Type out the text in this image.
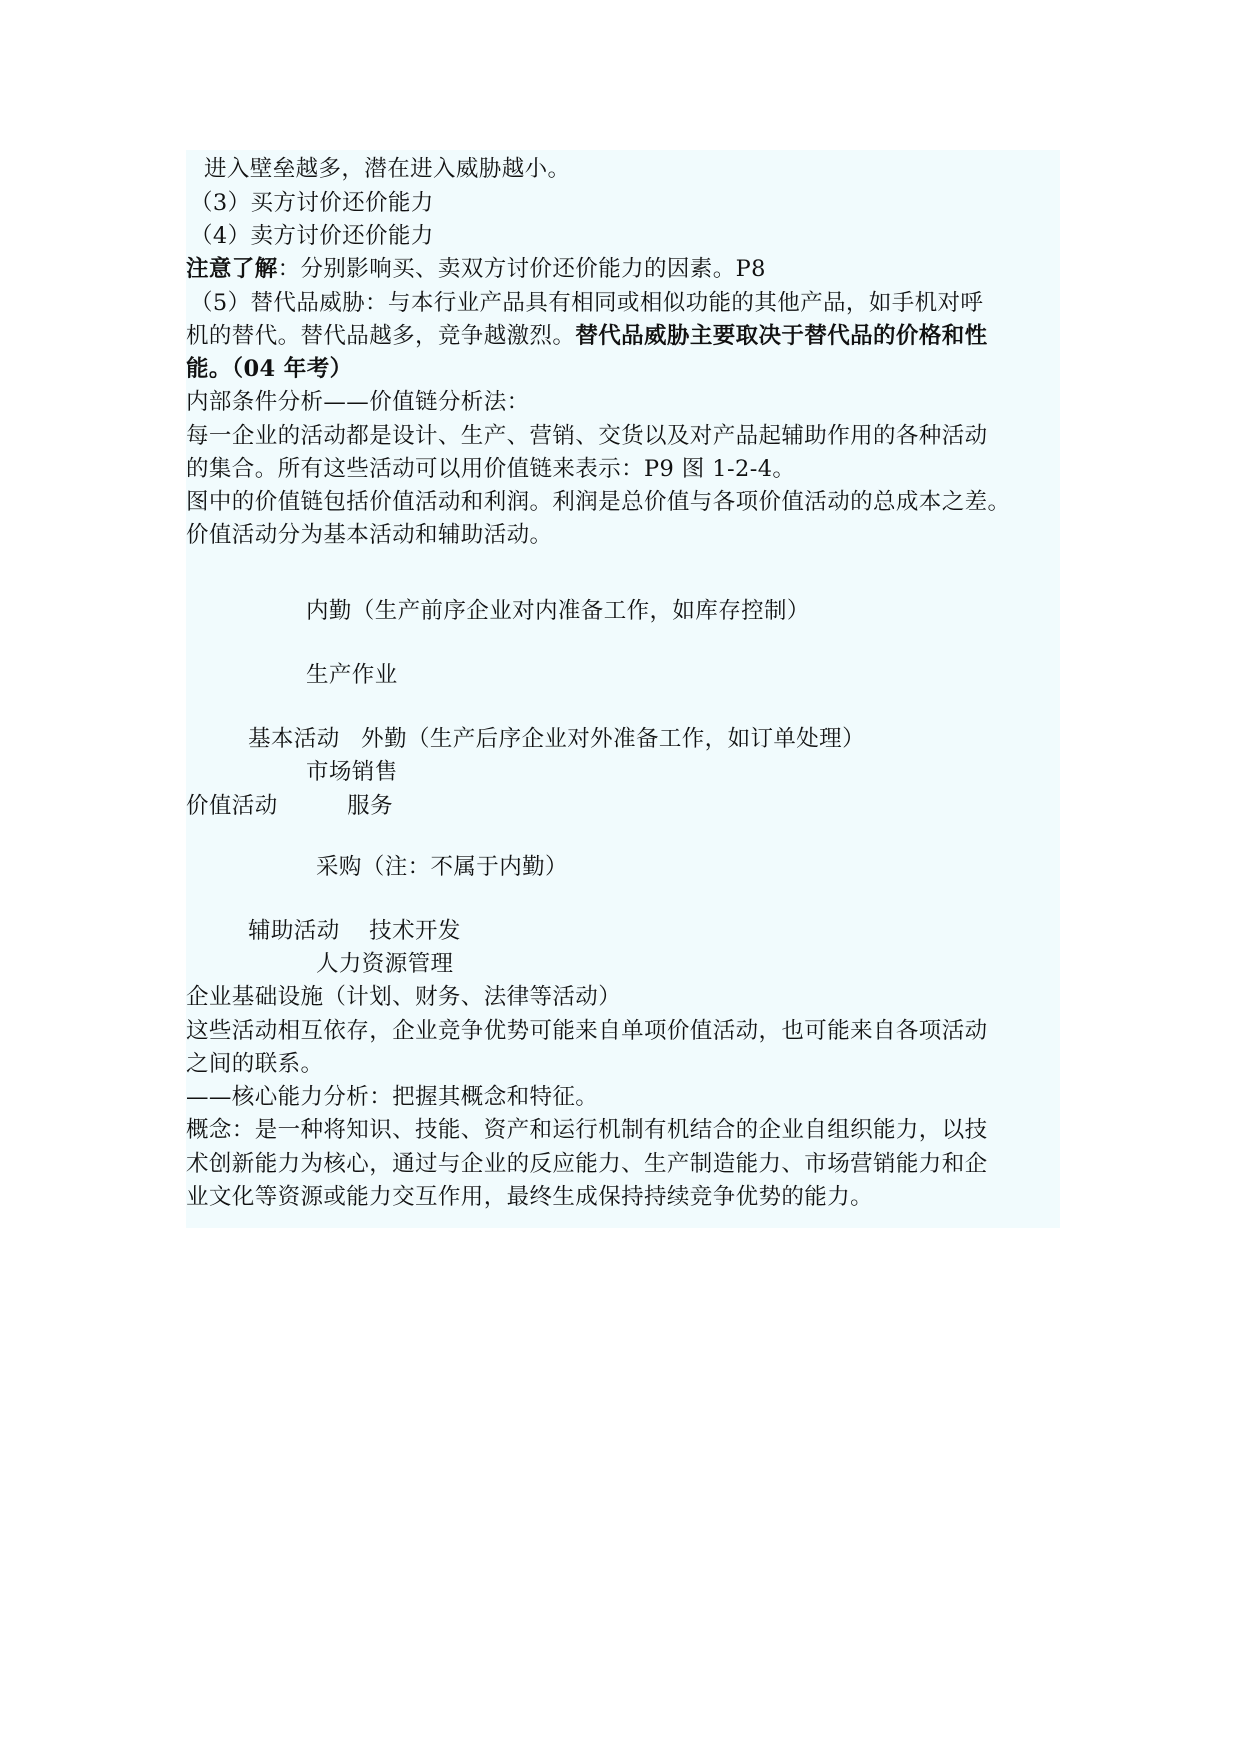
进入壁垒越多，潜在进入威胁越小。
（3）买方讨价还价能力
（4）卖方讨价还价能力
注意了解：分别影响买、卖双方讨价还价能力的因素。P8
（5）替代品威胁：与本行业产品具有相同或相似功能的其他产品，如手机对呼
机的替代。替代品越多，竞争越激烈。替代品威胁主要取决于替代品的价格和性
能。（04 年考）
内部条件分析——价值链分析法：
每一企业的活动都是设计、生产、营销、交货以及对产品起辅助作用的各种活动
的集合。所有这些活动可以用价值链来表示：P9 图 1-2-4。
图中的价值链包括价值活动和利润。利润是总价值与各项价值活动的总成本之差。
价值活动分为基本活动和辅助活动。
内勤（生产前序企业对内准备工作，如库存控制）
生产作业
基本活动 外勤（生产后序企业对外准备工作，如订单处理）
市场销售
价值活动	服务
采购（注：不属于内勤）
辅助活动 技术开发
人力资源管理
企业基础设施（计划、财务、法律等活动）
这些活动相互依存，企业竞争优势可能来自单项价值活动，也可能来自各项活动
之间的联系。
——核心能力分析：把握其概念和特征。
概念：是一种将知识、技能、资产和运行机制有机结合的企业自组织能力，以技
术创新能力为核心，通过与企业的反应能力、生产制造能力、市场营销能力和企
业文化等资源或能力交互作用，最终生成保持持续竞争优势的能力。
